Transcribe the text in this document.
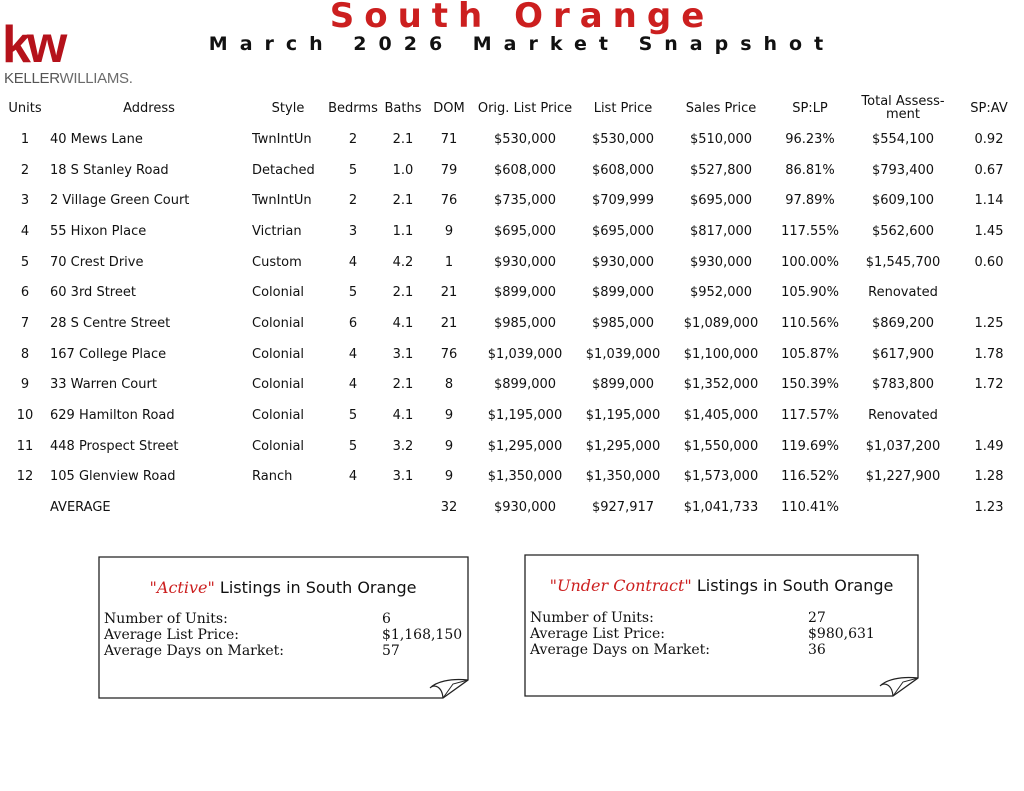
kw
KELLERWILLIAMS.
South Orange
March 2026 Market Snapshot
Units	Address	Style	Bedrms	Baths	DOM	Orig. List Price	List Price	Sales Price	SP:LP	Total Assess-ment	SP:AV
1	40 Mews Lane	TwnIntUn	2	2.1	71	$530,000	$530,000	$510,000	96.23%	$554,100	0.92
2	18 S Stanley Road	Detached	5	1.0	79	$608,000	$608,000	$527,800	86.81%	$793,400	0.67
3	2 Village Green Court	TwnIntUn	2	2.1	76	$735,000	$709,999	$695,000	97.89%	$609,100	1.14
4	55 Hixon Place	Victrian	3	1.1	9	$695,000	$695,000	$817,000	117.55%	$562,600	1.45
5	70 Crest Drive	Custom	4	4.2	1	$930,000	$930,000	$930,000	100.00%	$1,545,700	0.60
6	60 3rd Street	Colonial	5	2.1	21	$899,000	$899,000	$952,000	105.90%	Renovated	
7	28 S Centre Street	Colonial	6	4.1	21	$985,000	$985,000	$1,089,000	110.56%	$869,200	1.25
8	167 College Place	Colonial	4	3.1	76	$1,039,000	$1,039,000	$1,100,000	105.87%	$617,900	1.78
9	33 Warren Court	Colonial	4	2.1	8	$899,000	$899,000	$1,352,000	150.39%	$783,800	1.72
10	629 Hamilton Road	Colonial	5	4.1	9	$1,195,000	$1,195,000	$1,405,000	117.57%	Renovated	
11	448 Prospect Street	Colonial	5	3.2	9	$1,295,000	$1,295,000	$1,550,000	119.69%	$1,037,200	1.49
12	105 Glenview Road	Ranch	4	3.1	9	$1,350,000	$1,350,000	$1,573,000	116.52%	$1,227,900	1.28
	AVERAGE				32	$930,000	$927,917	$1,041,733	110.41%		1.23
"Active" Listings in South Orange
Number of Units:	6
Average List Price:	$1,168,150
Average Days on Market:	57
"Under Contract" Listings in South Orange
Number of Units:	27
Average List Price:	$980,631
Average Days on Market:	36
